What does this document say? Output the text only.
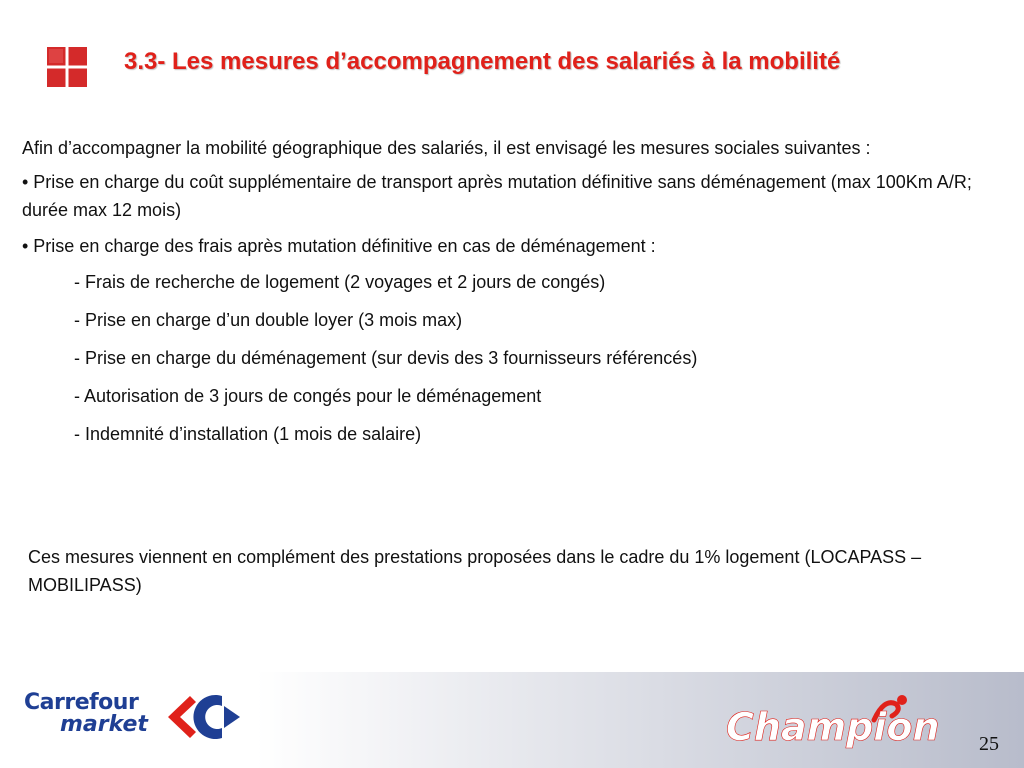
3.3- Les mesures d’accompagnement des salariés à la mobilité

Afin d’accompagner la mobilité géographique des salariés, il est envisagé les mesures sociales suivantes :

• Prise en charge du coût supplémentaire de transport après mutation définitive sans déménagement (max 100Km A/R; durée max 12 mois)

• Prise en charge des frais après mutation définitive en cas de déménagement :

- Frais de recherche de logement (2 voyages et 2 jours de congés)

- Prise en charge d’un double loyer (3 mois max)

- Prise en charge du déménagement (sur devis des 3 fournisseurs référencés)

- Autorisation de 3 jours de congés pour le déménagement

- Indemnité d’installation (1 mois de salaire)

Ces mesures viennent en complément des prestations proposées dans le cadre du 1% logement (LOCAPASS – MOBILIPASS)

Carrefour
market	Champion 25
